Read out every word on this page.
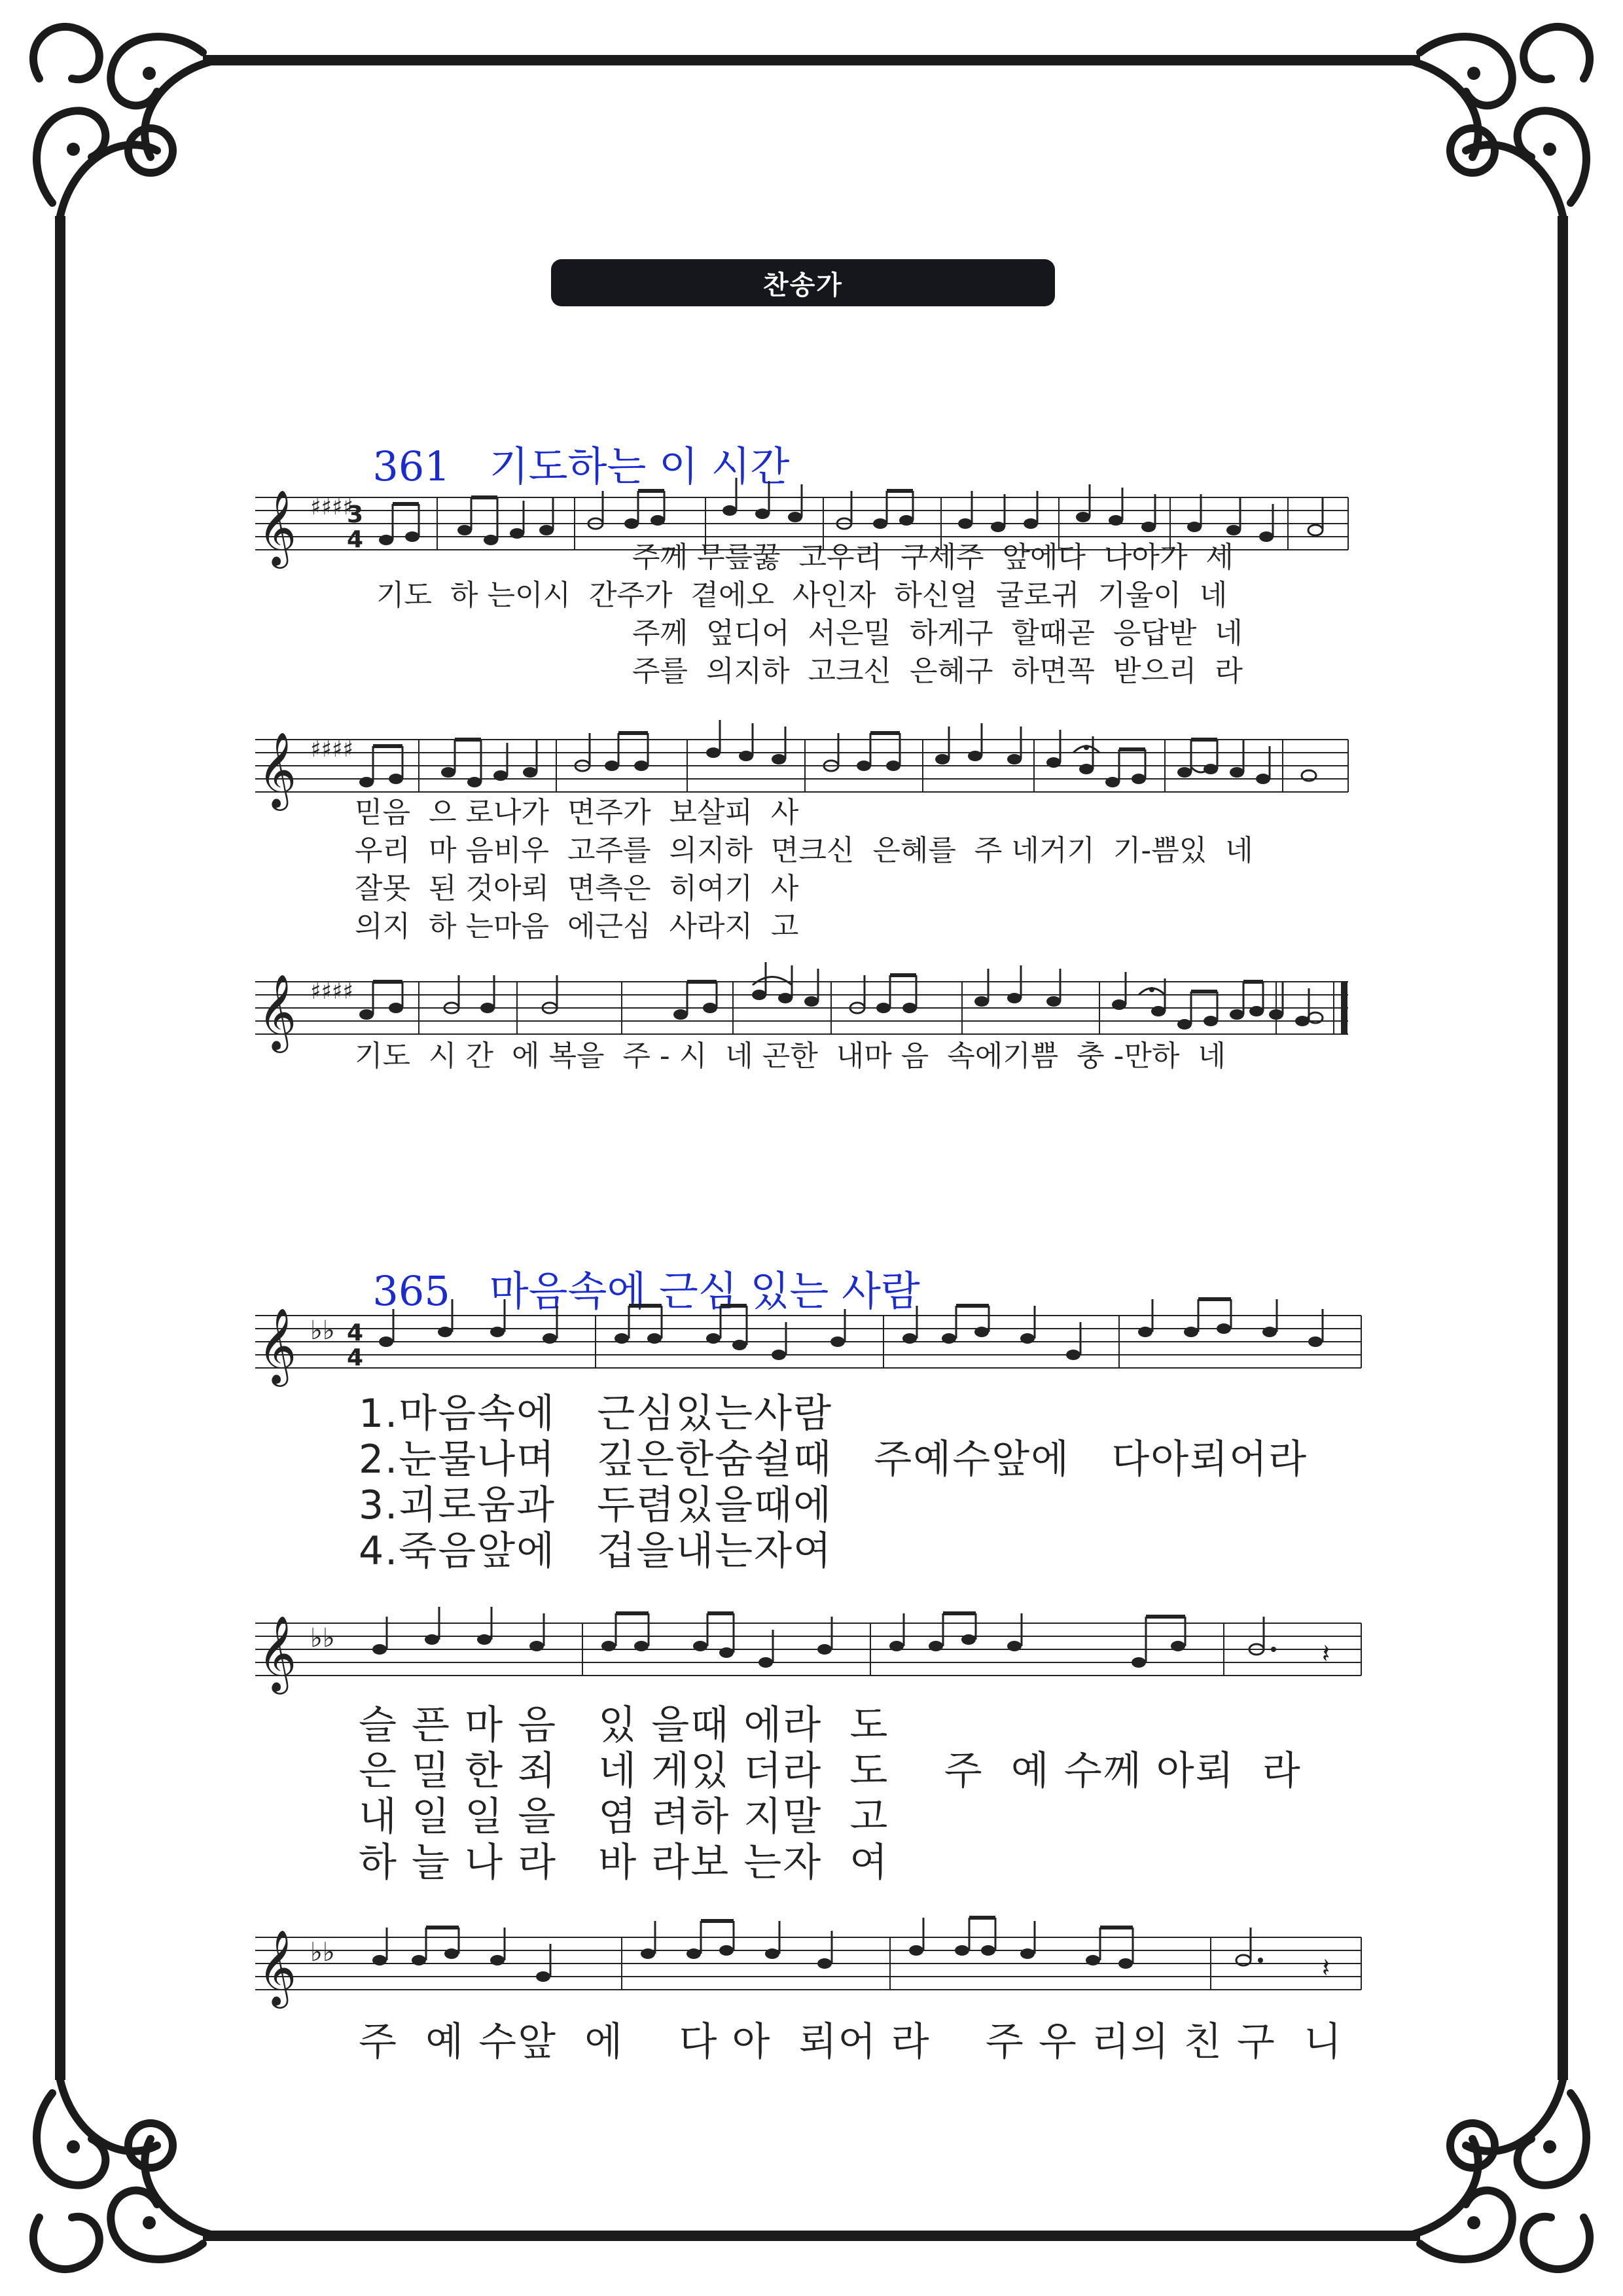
찬송가

361 기도하는 이 시간

𝄞 ♯♯♯♯
3
4
주께 무릎꿇  고우리  구세주  앞에다  나아가  세
기도  하 는이시  간주가  곁에오  사인자  하신얼  굴로귀  기울이  네
주께  엎디어  서은밀  하게구  할때곧  응답받  네
주를  의지하  고크신  은혜구  하면꼭  받으리  라
𝄞 ♯♯♯♯
믿음  으 로나가  면주가  보살피  사
우리  마 음비우  고주를  의지하  면크신  은혜를  주 네거기  기-쁨있  네
잘못  된 것아뢰  면측은  히여기  사
의지  하 는마음  에근심  사라지  고
𝄞 ♯♯♯♯
기도  시 간  에 복을  주 - 시  네 곤한  내마 음  속에기쁨  충 -만하  네

365 마음속에 근심 있는 사람

𝄞 ♭♭ 4
4
1.마음속에   근심있는사람
2.눈물나며   깊은한숨쉴때   주예수앞에   다아뢰어라
3.괴로움과   두렴있을때에
4.죽음앞에   겁을내는자여
𝄞 ♭♭
𝄽
슬 픈 마 음   있 을때 에라  도
은 밀 한 죄   네 게있 더라  도    주  예 수께 아뢰  라
내 일 일 을   염 려하 지말  고
하 늘 나 라   바 라보 는자  여
𝄞 ♭♭
𝄽
주  예 수앞  에    다 아  뢰어 라    주 우 리의 친 구  니
